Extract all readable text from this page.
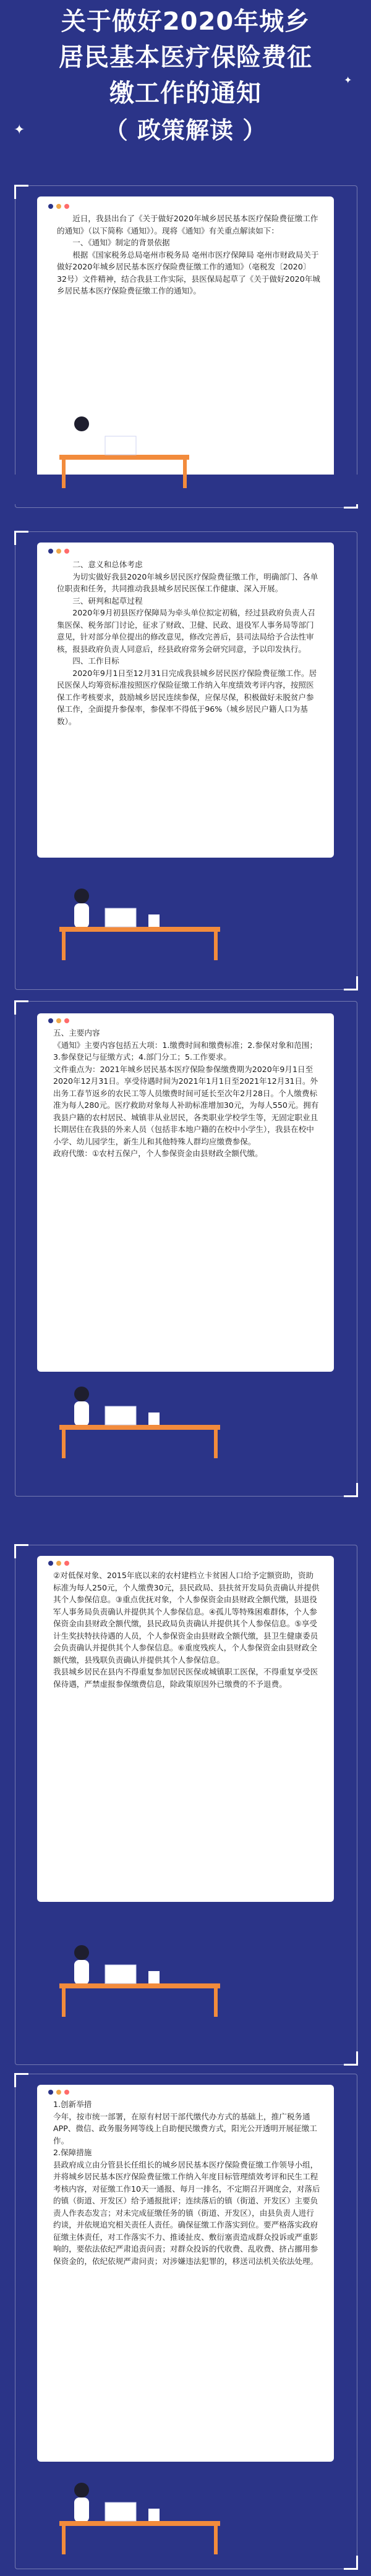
关于做好2020年城乡
居民基本医疗保险费征
缴工作的通知
（ 政策解读 ）
✦
✦

近日，我县出台了《关于做好2020年城乡居民基本医疗保险费征缴工作的通知》（以下简称《通知》）。现将《通知》有关重点解读如下：

一、《通知》制定的背景依据

根据《国家税务总局亳州市税务局 亳州市医疗保障局 亳州市财政局关于做好2020年城乡居民基本医疗保险费征缴工作的通知》（亳税发〔2020〕32号）文件精神，结合我县工作实际，县医保局起草了《关于做好2020年城乡居民基本医疗保险费征缴工作的通知》。

二、意义和总体考虑

为切实做好我县2020年城乡居民医疗保险费征缴工作，明确部门、各单位职责和任务，共同推动我县城乡居民医保工作健康、深入开展。

三、研判和起草过程

2020年9月初县医疗保障局为牵头单位拟定初稿，经过县政府负责人召集医保、税务部门讨论，征求了财政、卫健、民政、退役军人事务局等部门意见，针对部分单位提出的修改意见，修改完善后，县司法局给予合法性审核，报县政府负责人同意后，经县政府常务会研究同意，予以印发执行。

四、工作目标

2020年9月1日至12月31日完成我县城乡居民医疗保险费征缴工作。居民医保人均筹资标准按照医疗保险征缴工作纳入年度绩效考评内容，按照医保工作考核要求，鼓励城乡居民连续参保，应保尽保，积极做好未脱贫户参保工作，全面提升参保率，参保率不得低于96%（城乡居民户籍人口为基数）。

五、主要内容

《通知》主要内容包括五大项：1.缴费时间和缴费标准；2.参保对象和范围；3.参保登记与征缴方式；4.部门分工；5.工作要求。

文件重点为：2021年城乡居民基本医疗保险参保缴费期为2020年9月1日至2020年12月31日。享受待遇时间为2021年1月1日至2021年12月31日。外出务工春节返乡的农民工等人员缴费时间可延长至次年2月28日。个人缴费标准为每人280元。医疗救助对象每人补助标准增加30元，为每人550元。拥有我县户籍的农村居民、城镇非从业居民，各类职业学校学生等，无固定职业且长期居住在我县的外来人员（包括非本地户籍的在校中小学生），我县在校中小学、幼儿园学生，新生儿和其他特殊人群均应缴费参保。

政府代缴：①农村五保户，个人参保资金由县财政全额代缴。

②对低保对象、2015年底以来的农村建档立卡贫困人口给予定额资助，资助标准为每人250元，个人缴费30元，县民政局、县扶贫开发局负责确认并提供其个人参保信息。③重点优抚对象，个人参保资金由县财政全额代缴，县退役军人事务局负责确认并提供其个人参保信息。④孤儿等特殊困难群体，个人参保资金由县财政全额代缴，县民政局负责确认并提供其个人参保信息。⑤享受计生奖扶特扶待遇的人员，个人参保资金由县财政全额代缴，县卫生健康委员会负责确认并提供其个人参保信息。⑥重度残疾人，个人参保资金由县财政全额代缴，县残联负责确认并提供其个人参保信息。

我县城乡居民在县内不得重复参加居民医保或城镇职工医保，不得重复享受医保待遇，严禁虚报参保缴费信息，除政策原因外已缴费的不予退费。

1.创新举措

今年，按市统一部署，在原有村居干部代缴代办方式的基础上，推广税务通APP、微信、政务服务网等线上自助便民缴费方式，阳光公开透明开展征缴工作。

2.保障措施

县政府成立由分管县长任组长的城乡居民基本医疗保险费征缴工作领导小组，并将城乡居民基本医疗保险费征缴工作纳入年度目标管理绩效考评和民生工程考核内容，对征缴工作10天一通报、每月一排名，不定期召开调度会，对落后的镇（街道、开发区）给予通报批评；连续落后的镇（街道、开发区）主要负责人作表态发言；对未完成征缴任务的镇（街道、开发区），由县负责人进行约谈，并依规追究相关责任人责任。确保征缴工作落实到位。要严格落实政府征缴主体责任，对工作落实不力、推诿扯皮、敷衍塞责造成群众投诉或严重影响的，要依法依纪严肃追责问责；对群众投诉的代收费、乱收费、挤占挪用参保资金的，依纪依规严肃问责；对涉嫌违法犯罪的，移送司法机关依法处理。
